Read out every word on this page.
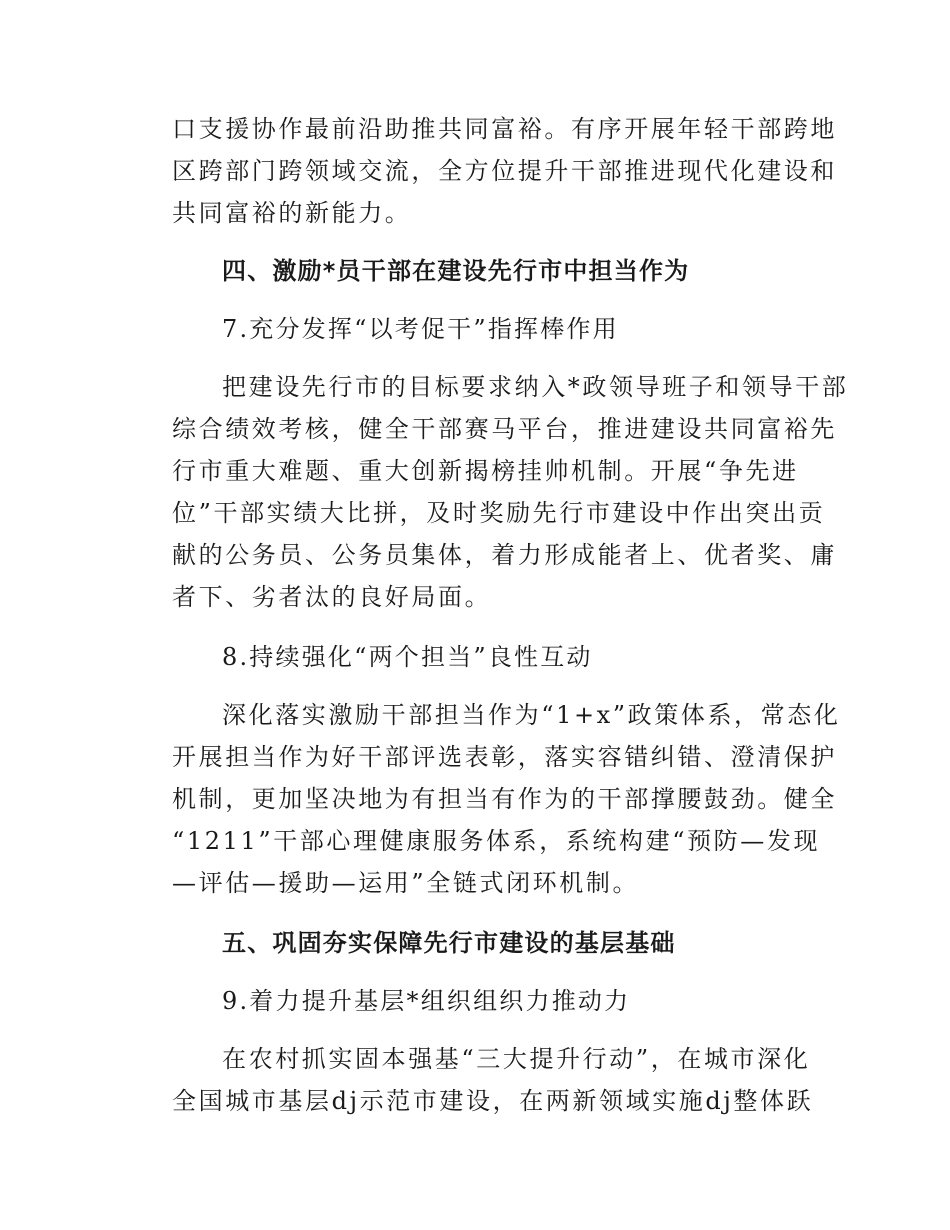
口支援协作最前沿助推共同富裕。有序开展年轻干部跨地
区跨部门跨领域交流，全方位提升干部推进现代化建设和
共同富裕的新能力。
四、激励*员干部在建设先行市中担当作为
7.充分发挥“以考促干”指挥棒作用
把建设先行市的目标要求纳入*政领导班子和领导干部
综合绩效考核，健全干部赛马平台，推进建设共同富裕先
行市重大难题、重大创新揭榜挂帅机制。开展“争先进
位”干部实绩大比拼，及时奖励先行市建设中作出突出贡
献的公务员、公务员集体，着力形成能者上、优者奖、庸
者下、劣者汰的良好局面。
8.持续强化“两个担当”良性互动
深化落实激励干部担当作为“1+x”政策体系，常态化
开展担当作为好干部评选表彰，落实容错纠错、澄清保护
机制，更加坚决地为有担当有作为的干部撑腰鼓劲。健全
“1211”干部心理健康服务体系，系统构建“预防—发现
—评估—援助—运用”全链式闭环机制。
五、巩固夯实保障先行市建设的基层基础
9.着力提升基层*组织组织力推动力
在农村抓实固本强基“三大提升行动”，在城市深化
全国城市基层dj示范市建设，在两新领域实施dj整体跃
